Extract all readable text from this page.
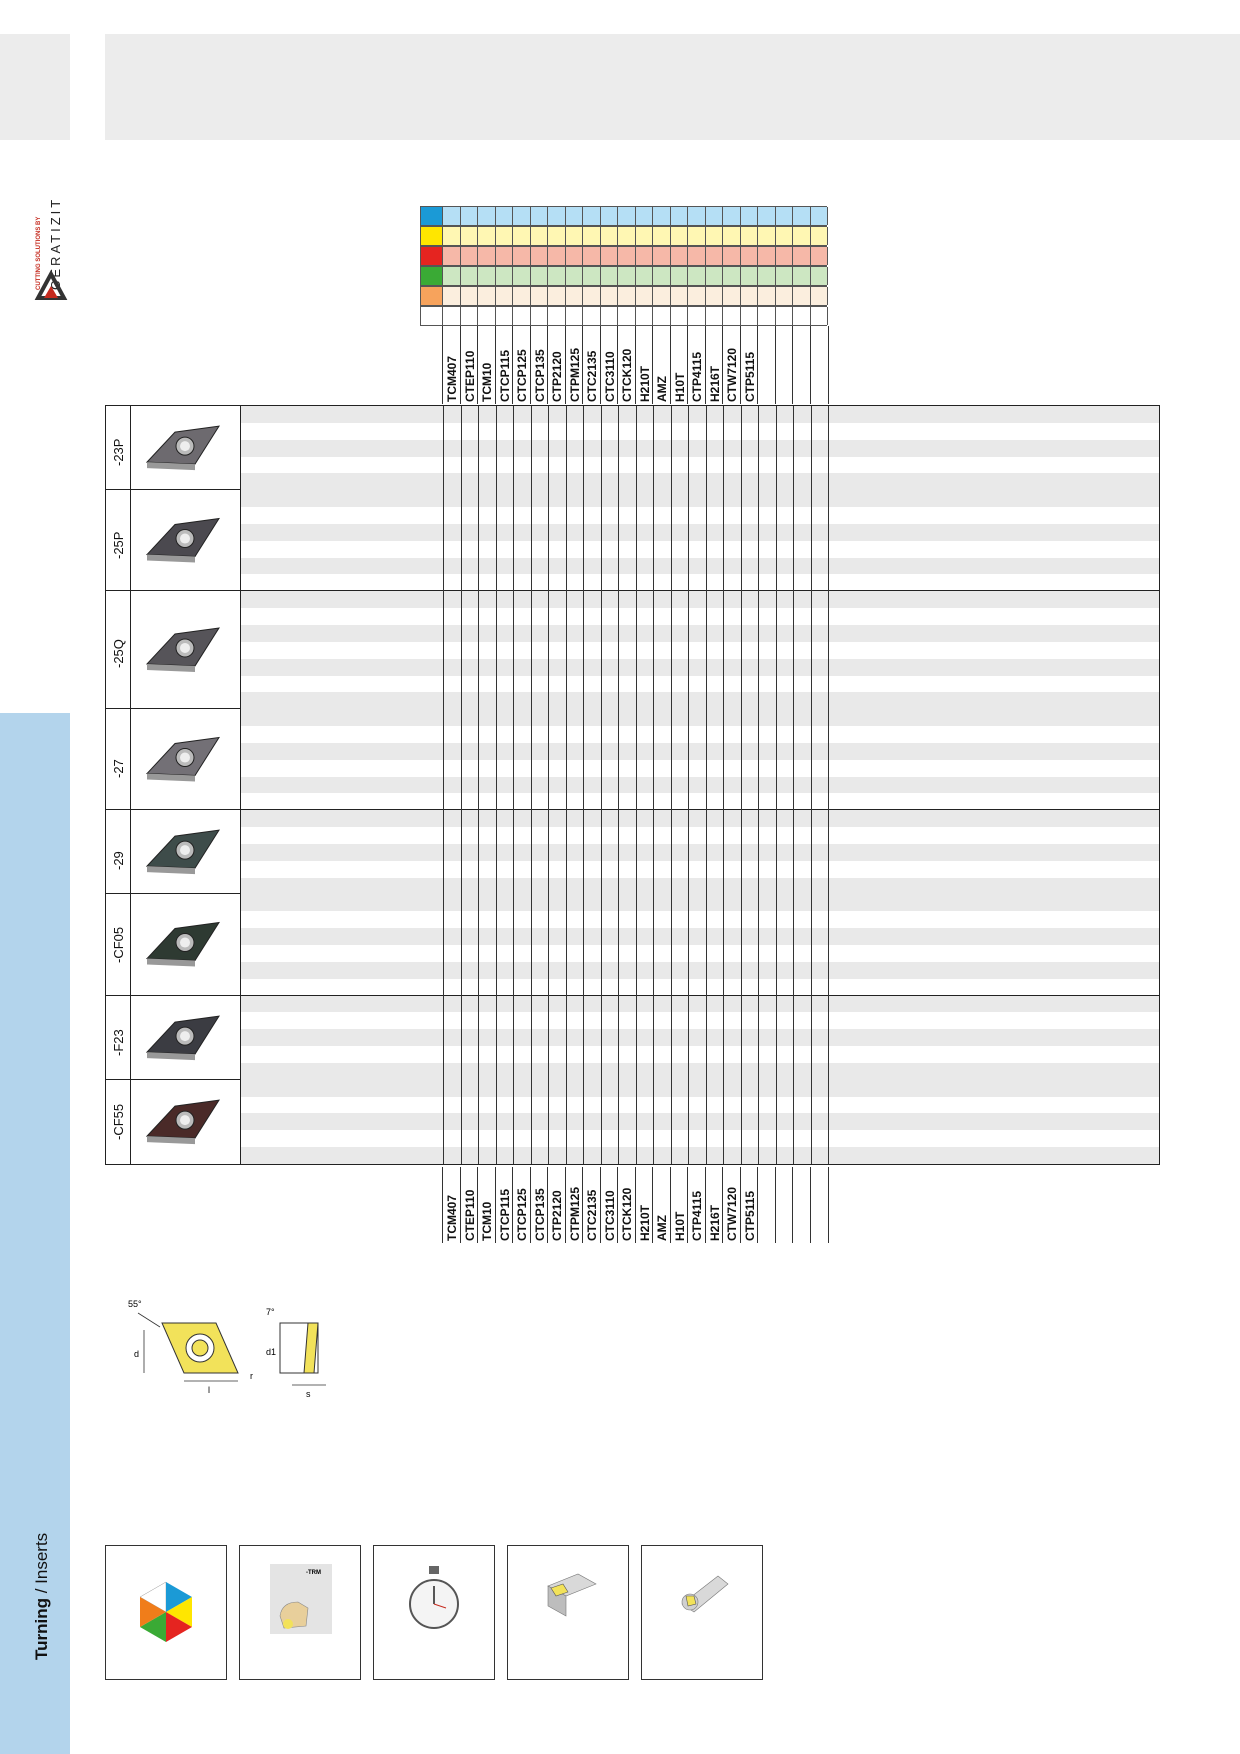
CUTTING SOLUTIONS BY CERATIZIT
Turning / Inserts
TCM407 CTEP110 TCM10 CTCP115 CTCP125 CTCP135 CTP2120 CTPM125 CTC2135 CTC3110 CTCK120 H210T AMZ H10T CTP4115 H216T CTW7120 CTP5115
TCM407 CTEP110 TCM10 CTCP115 CTCP125 CTCP135 CTP2120 CTPM125 CTC2135 CTC3110 CTCK120 H210T AMZ H10T CTP4115 H216T CTW7120 CTP5115
-23P
-25P
-25Q
-27
-29
-CF05
-F23
-CF55
55°
d
l
r
7°
d1
s
-TRM
